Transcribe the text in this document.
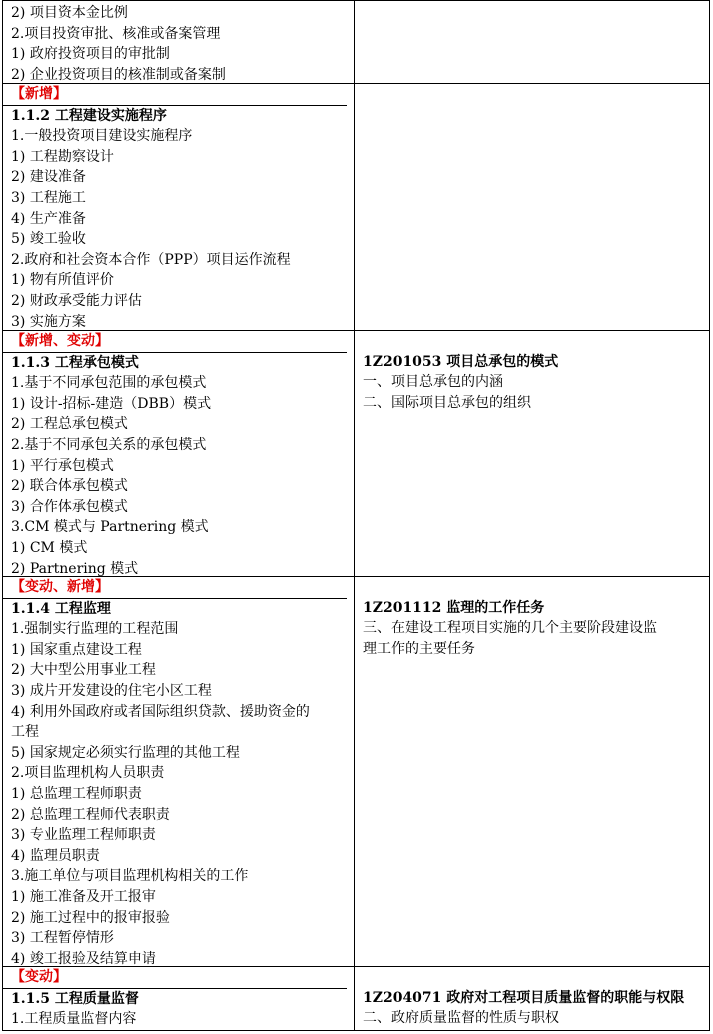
2) 项目资本金比例
2.项目投资审批、核准或备案管理
1) 政府投资项目的审批制
2) 企业投资项目的核准制或备案制
【新增】
1.1.2 工程建设实施程序
1.一般投资项目建设实施程序
1) 工程勘察设计
2) 建设准备
3) 工程施工
4) 生产准备
5) 竣工验收
2.政府和社会资本合作（PPP）项目运作流程
1) 物有所值评价
2) 财政承受能力评估
3) 实施方案
【新增、变动】
1.1.3 工程承包模式
1.基于不同承包范围的承包模式
1) 设计-招标-建造（DBB）模式
2) 工程总承包模式
2.基于不同承包关系的承包模式
1) 平行承包模式
2) 联合体承包模式
3) 合作体承包模式
3.CM 模式与 Partnering 模式
1) CM 模式
2) Partnering 模式
1Z201053 项目总承包的模式
一、项目总承包的内涵
二、国际项目总承包的组织
【变动、新增】
1.1.4 工程监理
1.强制实行监理的工程范围
1) 国家重点建设工程
2) 大中型公用事业工程
3) 成片开发建设的住宅小区工程
4) 利用外国政府或者国际组织贷款、援助资金的
工程
5) 国家规定必须实行监理的其他工程
2.项目监理机构人员职责
1) 总监理工程师职责
2) 总监理工程师代表职责
3) 专业监理工程师职责
4) 监理员职责
3.施工单位与项目监理机构相关的工作
1) 施工准备及开工报审
2) 施工过程中的报审报验
3) 工程暂停情形
4) 竣工报验及结算申请
1Z201112 监理的工作任务
三、在建设工程项目实施的几个主要阶段建设监
理工作的主要任务
【变动】
1.1.5 工程质量监督
1.工程质量监督内容
1Z204071 政府对工程项目质量监督的职能与权限
二、政府质量监督的性质与职权
